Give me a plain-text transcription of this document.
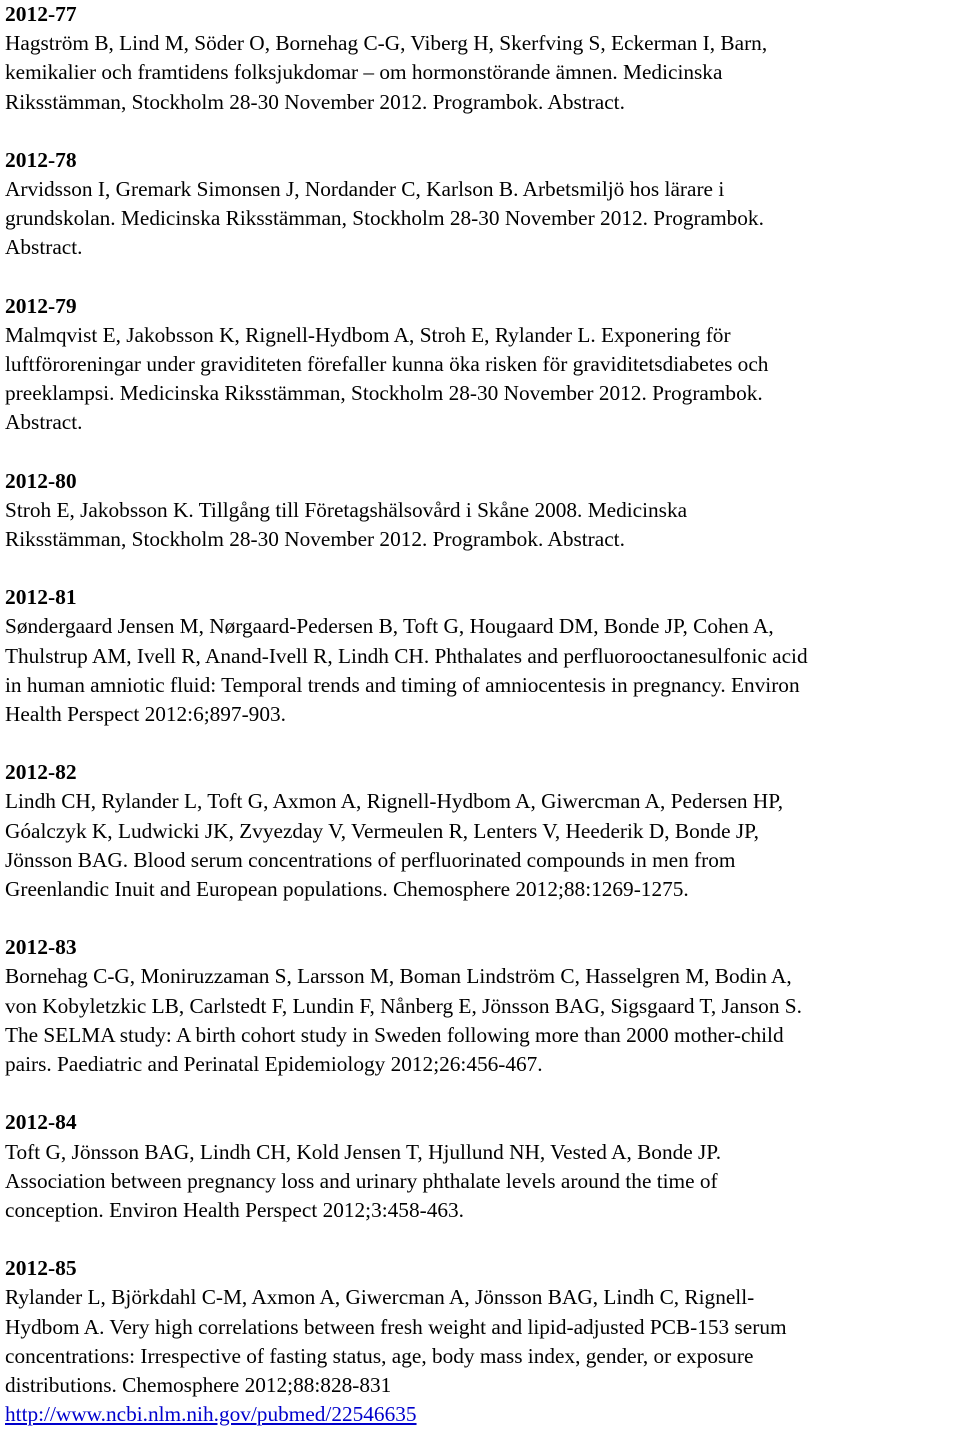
2012-77
Hagström B, Lind M, Söder O, Bornehag C-G, Viberg H, Skerfving S, Eckerman I, Barn,
kemikalier och framtidens folksjukdomar – om hormonstörande ämnen. Medicinska
Riksstämman, Stockholm 28-30 November 2012. Programbok. Abstract.
2012-78
Arvidsson I, Gremark Simonsen J, Nordander C, Karlson B. Arbetsmiljö hos lärare i
grundskolan. Medicinska Riksstämman, Stockholm 28-30 November 2012. Programbok.
Abstract.
2012-79
Malmqvist E, Jakobsson K, Rignell-Hydbom A, Stroh E, Rylander L. Exponering för
luftföroreningar under graviditeten förefaller kunna öka risken för graviditetsdiabetes och
preeklampsi. Medicinska Riksstämman, Stockholm 28-30 November 2012. Programbok.
Abstract.
2012-80
Stroh E, Jakobsson K. Tillgång till Företagshälsovård i Skåne 2008. Medicinska
Riksstämman, Stockholm 28-30 November 2012. Programbok. Abstract.
2012-81
Søndergaard Jensen M, Nørgaard-Pedersen B, Toft G, Hougaard DM, Bonde JP, Cohen A,
Thulstrup AM, Ivell R, Anand-Ivell R, Lindh CH. Phthalates and perfluorooctanesulfonic acid
in human amniotic fluid: Temporal trends and timing of amniocentesis in pregnancy. Environ
Health Perspect 2012:6;897-903.
2012-82
Lindh CH, Rylander L, Toft G, Axmon A, Rignell-Hydbom A, Giwercman A, Pedersen HP,
Góalczyk K, Ludwicki JK, Zvyezday V, Vermeulen R, Lenters V, Heederik D, Bonde JP,
Jönsson BAG. Blood serum concentrations of perfluorinated compounds in men from
Greenlandic Inuit and European populations. Chemosphere 2012;88:1269-1275.
2012-83
Bornehag C-G, Moniruzzaman S, Larsson M, Boman Lindström C, Hasselgren M, Bodin A,
von Kobyletzkic LB, Carlstedt F, Lundin F, Nånberg E, Jönsson BAG, Sigsgaard T, Janson S.
The SELMA study: A birth cohort study in Sweden following more than 2000 mother-child
pairs. Paediatric and Perinatal Epidemiology 2012;26:456-467.
2012-84
Toft G, Jönsson BAG, Lindh CH, Kold Jensen T, Hjullund NH, Vested A, Bonde JP.
Association between pregnancy loss and urinary phthalate levels around the time of
conception. Environ Health Perspect 2012;3:458-463.
2012-85
Rylander L, Björkdahl C-M, Axmon A, Giwercman A, Jönsson BAG, Lindh C, Rignell-
Hydbom A. Very high correlations between fresh weight and lipid-adjusted PCB-153 serum
concentrations: Irrespective of fasting status, age, body mass index, gender, or exposure
distributions. Chemosphere 2012;88:828-831
http://www.ncbi.nlm.nih.gov/pubmed/22546635
